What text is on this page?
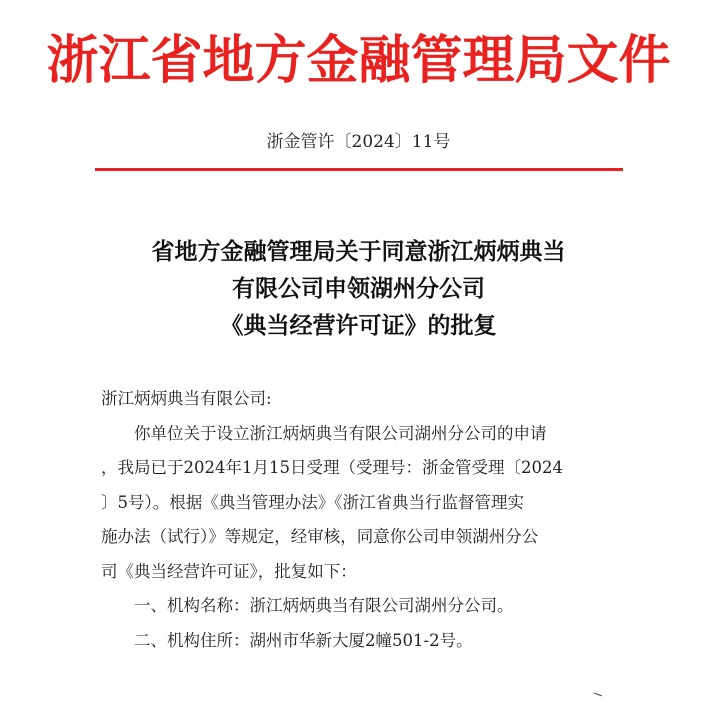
浙江省地方金融管理局文件
浙金管许〔2024〕11号
省地方金融管理局关于同意浙江炳炳典当
有限公司申领湖州分公司
《典当经营许可证》的批复
浙江炳炳典当有限公司:
你单位关于设立浙江炳炳典当有限公司湖州分公司的申请
，我局已于2024年1月15日受理（受理号：浙金管受理〔2024
〕5号）。根据《典当管理办法》《浙江省典当行监督管理实
施办法（试行）》等规定，经审核，同意你公司申领湖州分公
司《典当经营许可证》，批复如下：
一、机构名称：浙江炳炳典当有限公司湖州分公司。
二、机构住所：湖州市华新大厦2幢501-2号。
